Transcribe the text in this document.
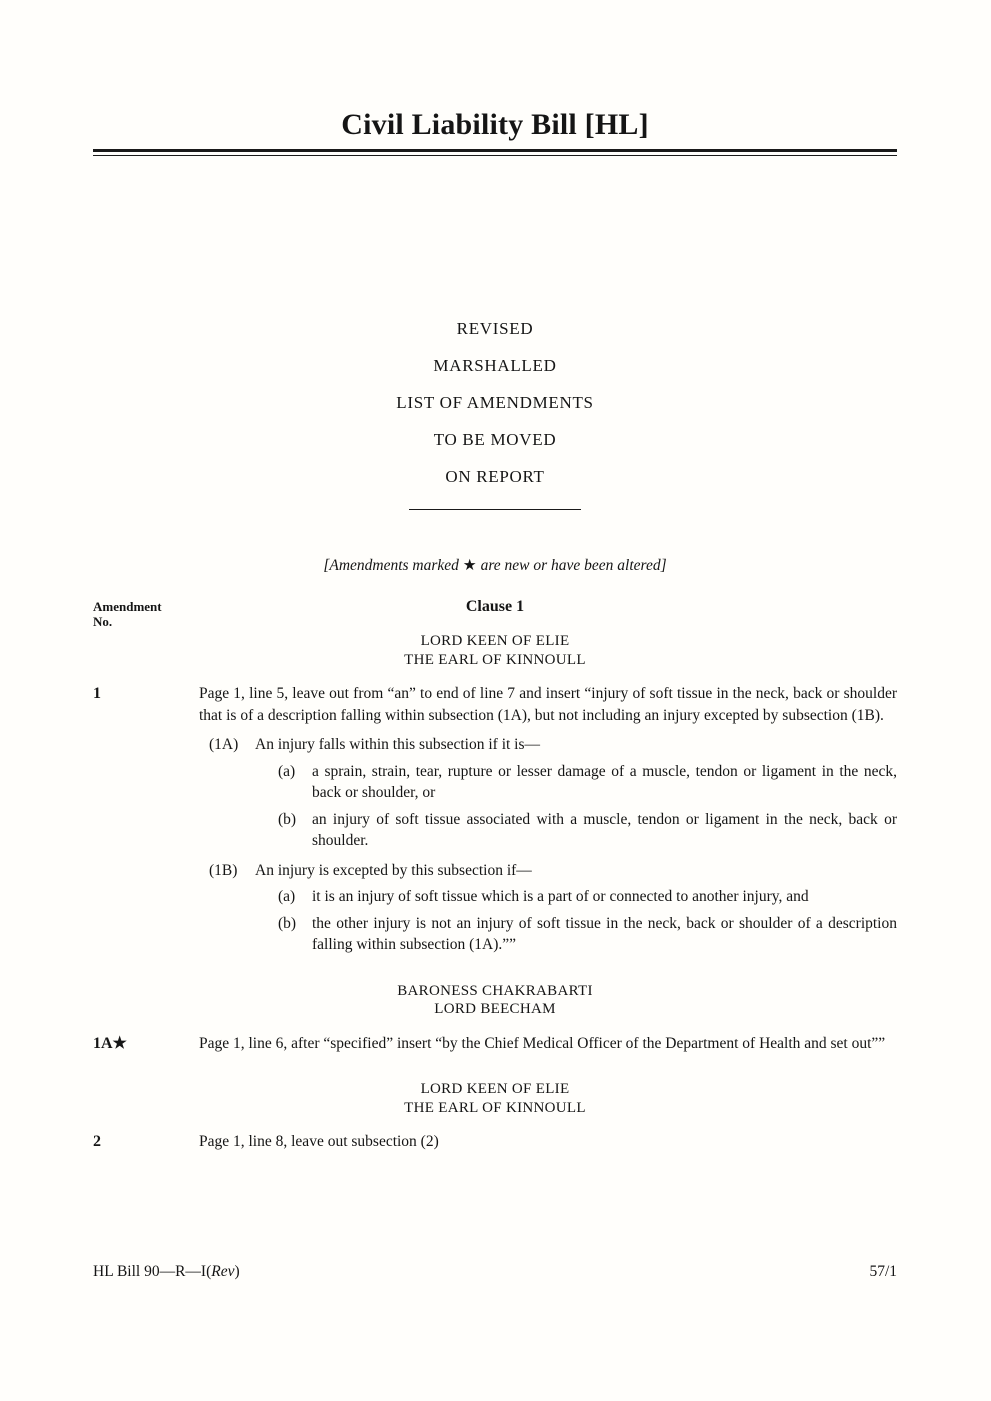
Civil Liability Bill [HL]
REVISED
MARSHALLED
LIST OF AMENDMENTS
TO BE MOVED
ON REPORT

[Amendments marked ★ are new or have been altered]

Amendment
No.
Clause 1
LORD KEEN OF ELIE
THE EARL OF KINNOULL
1	Page 1, line 5, leave out from “an” to end of line 7 and insert “injury of soft tissue in the neck, back or shoulder that is of a description falling within subsection (1A), but not including an injury excepted by subsection (1B).

(1A)	An injury falls within this subsection if it is—
(a)	a sprain, strain, tear, rupture or lesser damage of a muscle, tendon or ligament in the neck, back or shoulder, or
(b)	an injury of soft tissue associated with a muscle, tendon or ligament in the neck, back or shoulder.
(1B)	An injury is excepted by this subsection if—
(a)	it is an injury of soft tissue which is a part of or connected to another injury, and
(b)	the other injury is not an injury of soft tissue in the neck, back or shoulder of a description falling within subsection (1A).””
BARONESS CHAKRABARTI
LORD BEECHAM
1A★	Page 1, line 6, after “specified” insert “by the Chief Medical Officer of the Department of Health and set out””

LORD KEEN OF ELIE
THE EARL OF KINNOULL
2	Page 1, line 8, leave out subsection (2)

HL Bill 90—R—I(Rev)	57/1
